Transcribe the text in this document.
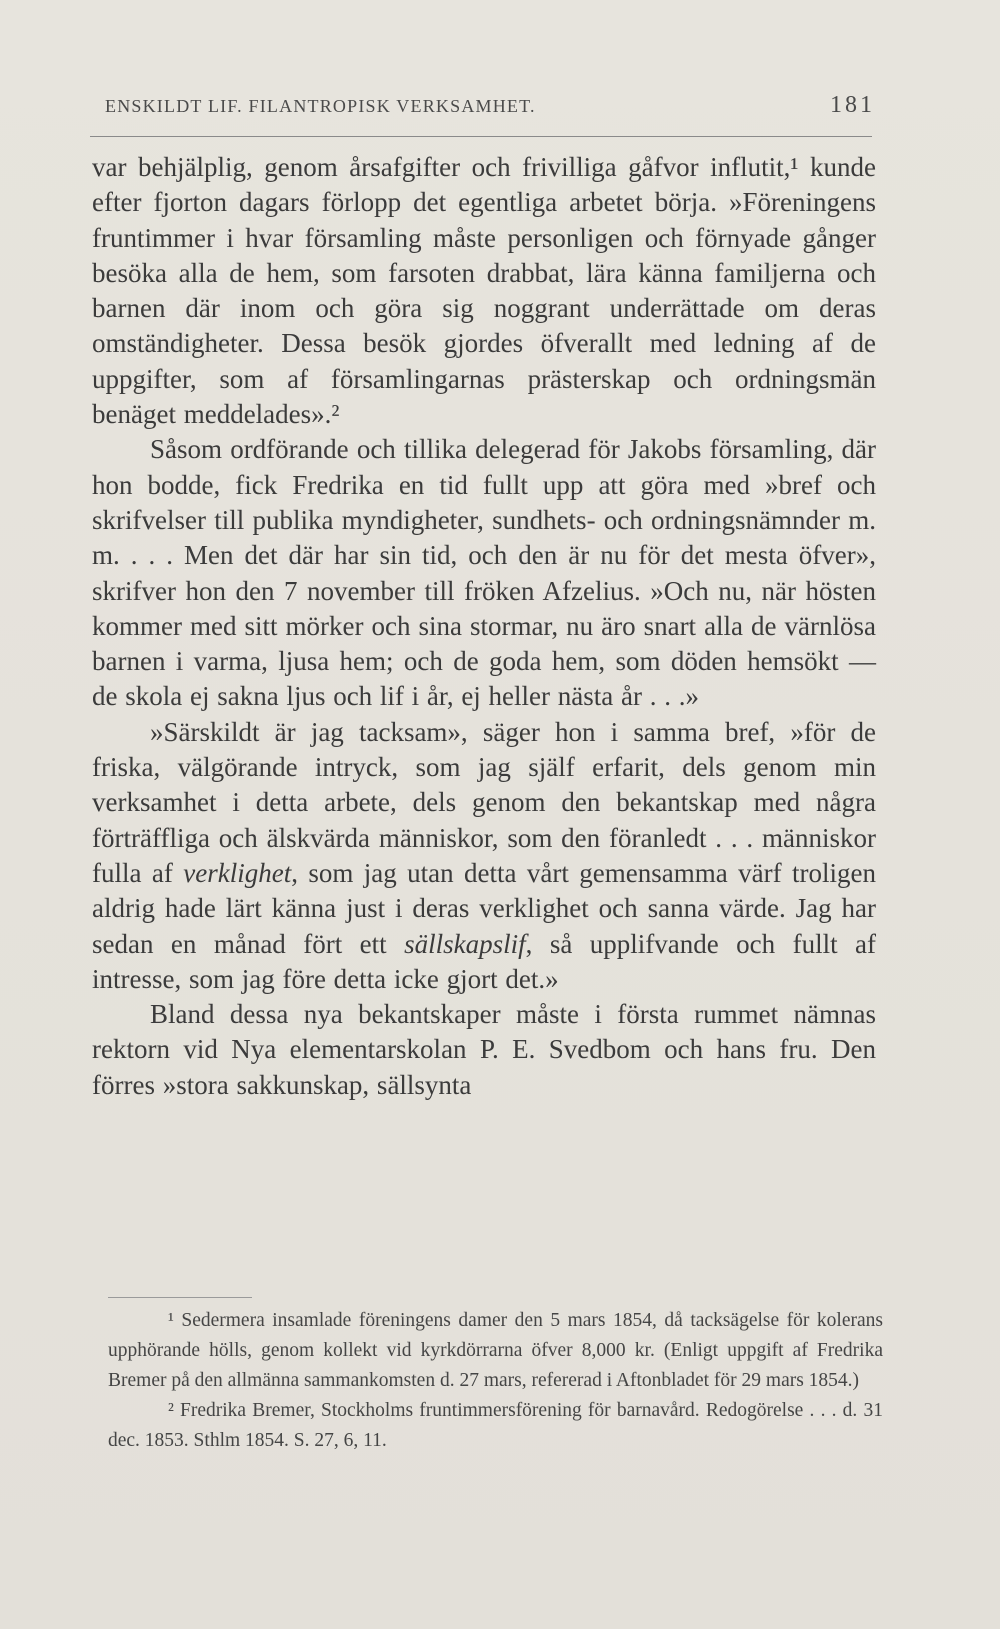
ENSKILDT LIF. FILANTROPISK VERKSAMHET.	181

var behjälplig, genom årsafgifter och frivilliga gåfvor influtit,¹ kunde efter fjorton dagars förlopp det egentliga arbetet börja. »Föreningens fruntimmer i hvar församling måste personligen och förnyade gånger besöka alla de hem, som farsoten drabbat, lära känna familjerna och barnen där inom och göra sig noggrant underrättade om deras omständigheter. Dessa besök gjordes öfverallt med ledning af de uppgifter, som af församlingarnas prästerskap och ordningsmän benäget meddelades».²

Såsom ordförande och tillika delegerad för Jakobs församling, där hon bodde, fick Fredrika en tid fullt upp att göra med »bref och skrifvelser till publika myndigheter, sundhets- och ordningsnämnder m. m. . . . Men det där har sin tid, och den är nu för det mesta öfver», skrifver hon den 7 november till fröken Afzelius. »Och nu, när hösten kommer med sitt mörker och sina stormar, nu äro snart alla de värnlösa barnen i varma, ljusa hem; och de goda hem, som döden hemsökt — de skola ej sakna ljus och lif i år, ej heller nästa år . . .»

»Särskildt är jag tacksam», säger hon i samma bref, »för de friska, välgörande intryck, som jag själf erfarit, dels genom min verksamhet i detta arbete, dels genom den bekantskap med några förträffliga och älskvärda människor, som den föranledt . . . människor fulla af verklighet, som jag utan detta vårt gemensamma värf troligen aldrig hade lärt känna just i deras verklighet och sanna värde. Jag har sedan en månad fört ett sällskapslif, så upplifvande och fullt af intresse, som jag före detta icke gjort det.»

Bland dessa nya bekantskaper måste i första rummet nämnas rektorn vid Nya elementarskolan P. E. Svedbom och hans fru. Den förres »stora sakkunskap, sällsynta

¹ Sedermera insamlade föreningens damer den 5 mars 1854, då tacksägelse för kolerans upphörande hölls, genom kollekt vid kyrkdörrarna öfver 8,000 kr. (Enligt uppgift af Fredrika Bremer på den allmänna sammankomsten d. 27 mars, refererad i Aftonbladet för 29 mars 1854.)

² Fredrika Bremer, Stockholms fruntimmersförening för barnavård. Redogörelse . . . d. 31 dec. 1853. Sthlm 1854. S. 27, 6, 11.
